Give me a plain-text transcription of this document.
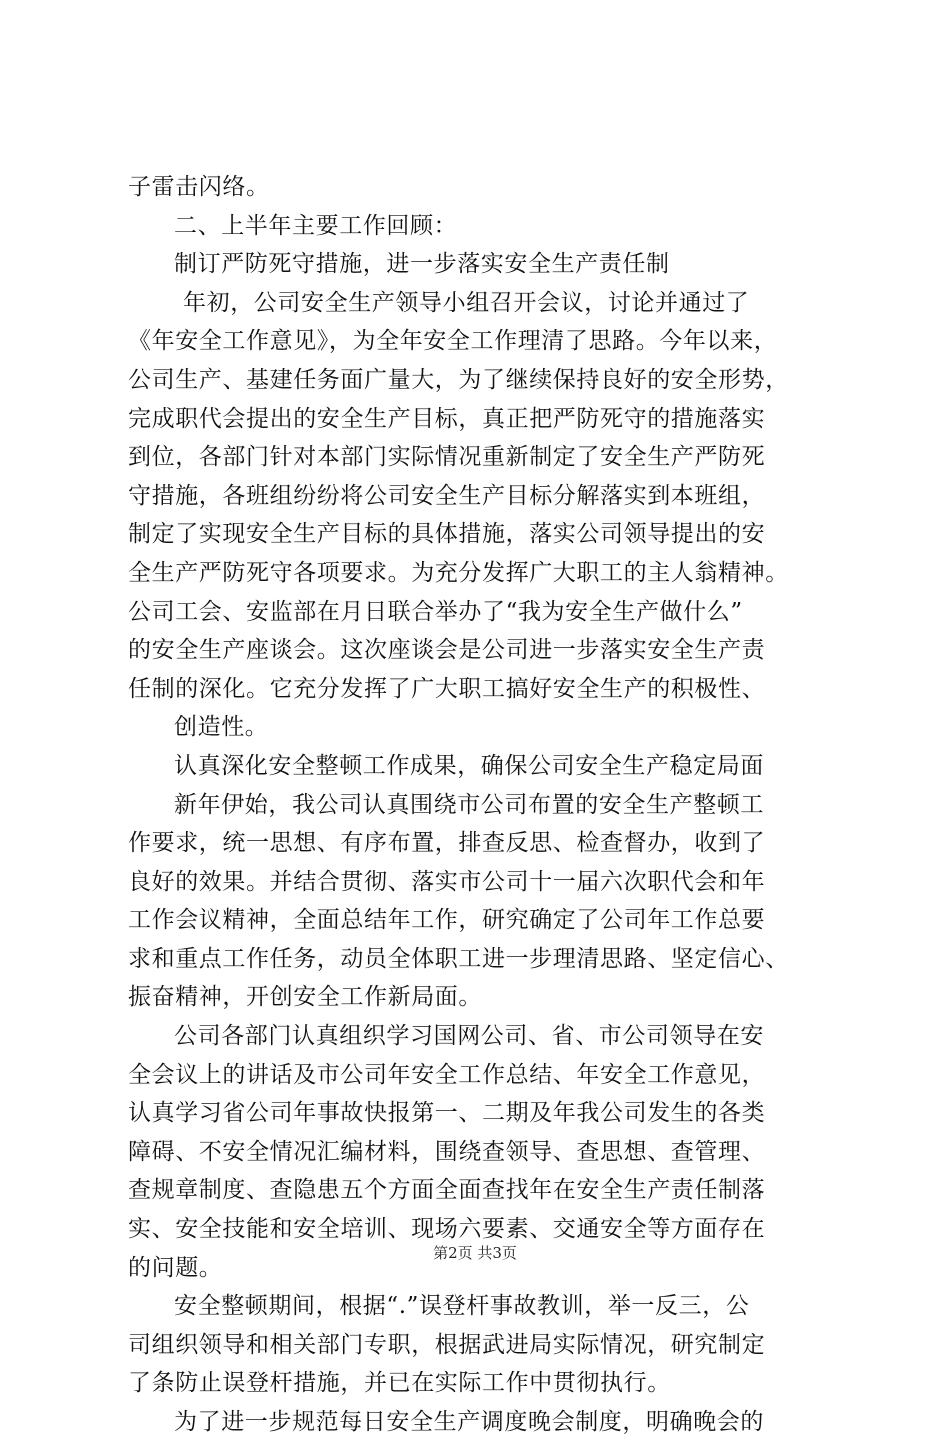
子雷击闪络。
二、上半年主要工作回顾：
制订严防死守措施，进一步落实安全生产责任制
年初，公司安全生产领导小组召开会议，讨论并通过了
《年安全工作意见》，为全年安全工作理清了思路。今年以来，
公司生产、基建任务面广量大，为了继续保持良好的安全形势，
完成职代会提出的安全生产目标，真正把严防死守的措施落实
到位，各部门针对本部门实际情况重新制定了安全生产严防死
守措施，各班组纷纷将公司安全生产目标分解落实到本班组，
制定了实现安全生产目标的具体措施，落实公司领导提出的安
全生产严防死守各项要求。为充分发挥广大职工的主人翁精神。
公司工会、安监部在月日联合举办了“我为安全生产做什么”
的安全生产座谈会。这次座谈会是公司进一步落实安全生产责
任制的深化。它充分发挥了广大职工搞好安全生产的积极性、
创造性。
认真深化安全整顿工作成果，确保公司安全生产稳定局面
新年伊始，我公司认真围绕市公司布置的安全生产整顿工
作要求，统一思想、有序布置，排查反思、检查督办，收到了
良好的效果。并结合贯彻、落实市公司十一届六次职代会和年
工作会议精神，全面总结年工作，研究确定了公司年工作总要
求和重点工作任务，动员全体职工进一步理清思路、坚定信心、
振奋精神，开创安全工作新局面。
公司各部门认真组织学习国网公司、省、市公司领导在安
全会议上的讲话及市公司年安全工作总结、年安全工作意见，
认真学习省公司年事故快报第一、二期及年我公司发生的各类
障碍、不安全情况汇编材料，围绕查领导、查思想、查管理、
查规章制度、查隐患五个方面全面查找年在安全生产责任制落
实、安全技能和安全培训、现场六要素、交通安全等方面存在
的问题。
安全整顿期间，根据“.”误登杆事故教训，举一反三，公
司组织领导和相关部门专职，根据武进局实际情况，研究制定
了条防止误登杆措施，并已在实际工作中贯彻执行。
为了进一步规范每日安全生产调度晚会制度，明确晚会的
第2页 共3页
